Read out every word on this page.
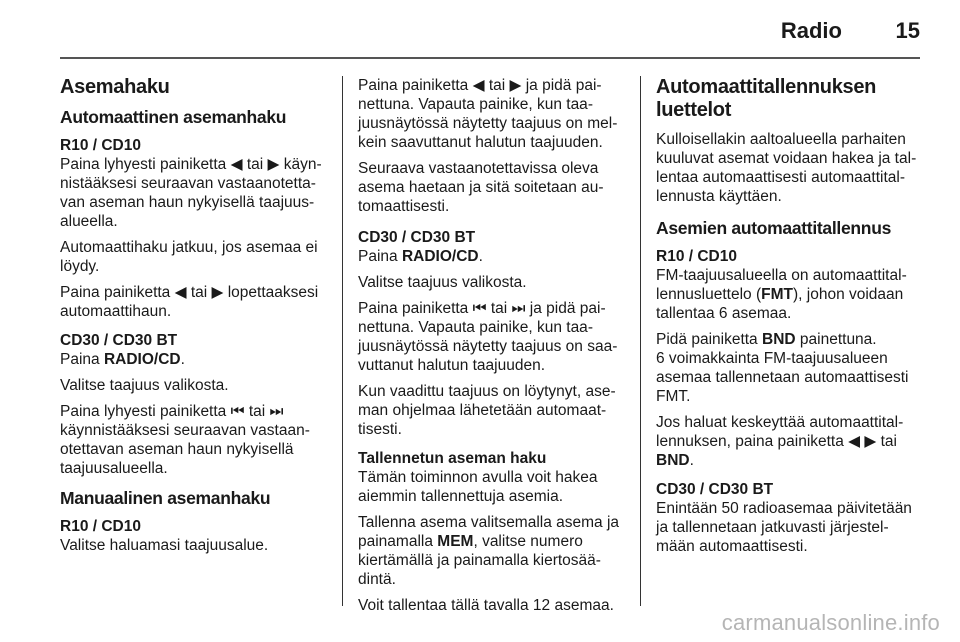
Radio 15
Asemahaku
Automaattinen asemanhaku
R10 / CD10

Paina lyhyesti painiketta ◀ tai ▶ käynnistääksesi seuraavan vastaanotettavan aseman haun nykyisellä taajuusalueella.

Automaattihaku jatkuu, jos asemaa ei löydy.

Paina painiketta ◀ tai ▶ lopettaaksesi automaattihaun.

CD30 / CD30 BT

Paina RADIO/CD.

Valitse taajuus valikosta.

Paina lyhyesti painiketta ⏮ tai ⏭ käynnistääksesi seuraavan vastaanotettavan aseman haun nykyisellä taajuusalueella.

Manuaalinen asemanhaku
R10 / CD10

Valitse haluamasi taajuusalue.

Paina painiketta ◀ tai ▶ ja pidä painettuna. Vapauta painike, kun taajuusnäytössä näytetty taajuus on melkein saavuttanut halutun taajuuden.

Seuraava vastaanotettavissa oleva asema haetaan ja sitä soitetaan automaattisesti.

CD30 / CD30 BT

Paina RADIO/CD.

Valitse taajuus valikosta.

Paina painiketta ⏮ tai ⏭ ja pidä painettuna. Vapauta painike, kun taajuusnäytössä näytetty taajuus on saavuttanut halutun taajuuden.

Kun vaadittu taajuus on löytynyt, aseman ohjelmaa lähetetään automaattisesti.

Tallennetun aseman haku

Tämän toiminnon avulla voit hakea aiemmin tallennettuja asemia.

Tallenna asema valitsemalla asema ja painamalla MEM, valitse numero kiertämällä ja painamalla kiertosäädintä.

Voit tallentaa tällä tavalla 12 asemaa.

Automaattitallennuksen luettelot

Kulloisellakin aaltoalueella parhaiten kuuluvat asemat voidaan hakea ja tallentaa automaattisesti automaattitallennusta käyttäen.

Asemien automaattitallennus
R10 / CD10

FM-taajuusalueella on automaattitallennusluettelo (FMT), johon voidaan tallentaa 6 asemaa.

Pidä painiketta BND painettuna.

6 voimakkainta FM-taajuusalueen asemaa tallennetaan automaattisesti FMT.

Jos haluat keskeyttää automaattitallennuksen, paina painiketta ◀ ▶ tai BND.

CD30 / CD30 BT

Enintään 50 radioasemaa päivitetään ja tallennetaan jatkuvasti järjestelmään automaattisesti.

carmanualsonline.info
